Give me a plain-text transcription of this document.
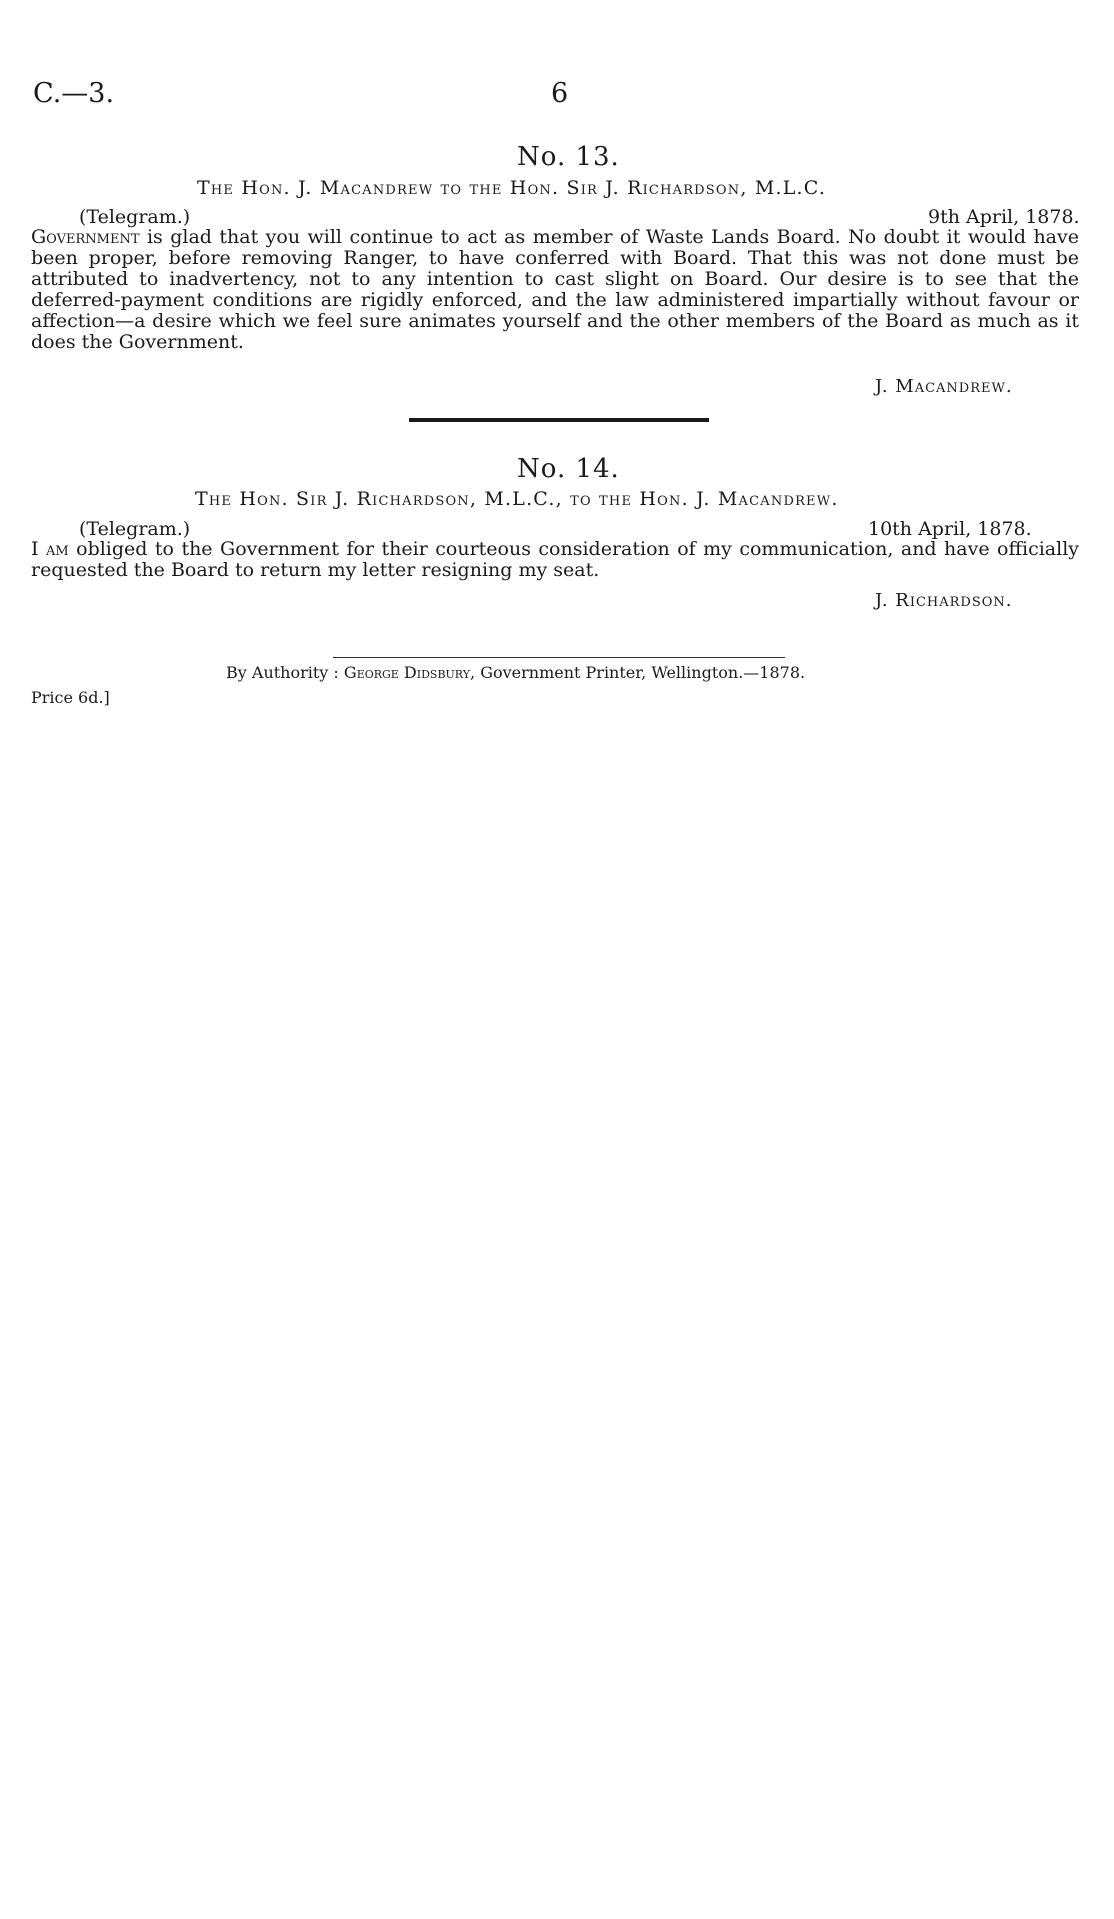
C.—3.	6
No. 13.
The Hon. J. Macandrew to the Hon. Sir J. Richardson, M.L.C.
(Telegram.)	9th April, 1878.
Government is glad that you will continue to act as member of Waste Lands Board. No doubt it would have been proper, before removing Ranger, to have conferred with Board. That this was not done must be attributed to inadvertency, not to any intention to cast slight on Board. Our desire is to see that the deferred-payment conditions are rigidly enforced, and the law administered impartially without favour or affection—a desire which we feel sure animates yourself and the other members of the Board as much as it does the Government.
J. Macandrew.
No. 14.
The Hon. Sir J. Richardson, M.L.C., to the Hon. J. Macandrew.
(Telegram.)	10th April, 1878.
I am obliged to the Government for their courteous consideration of my communication, and have officially requested the Board to return my letter resigning my seat.
J. Richardson.
By Authority : George Didsbury, Government Printer, Wellington.—1878.
Price 6d.]
